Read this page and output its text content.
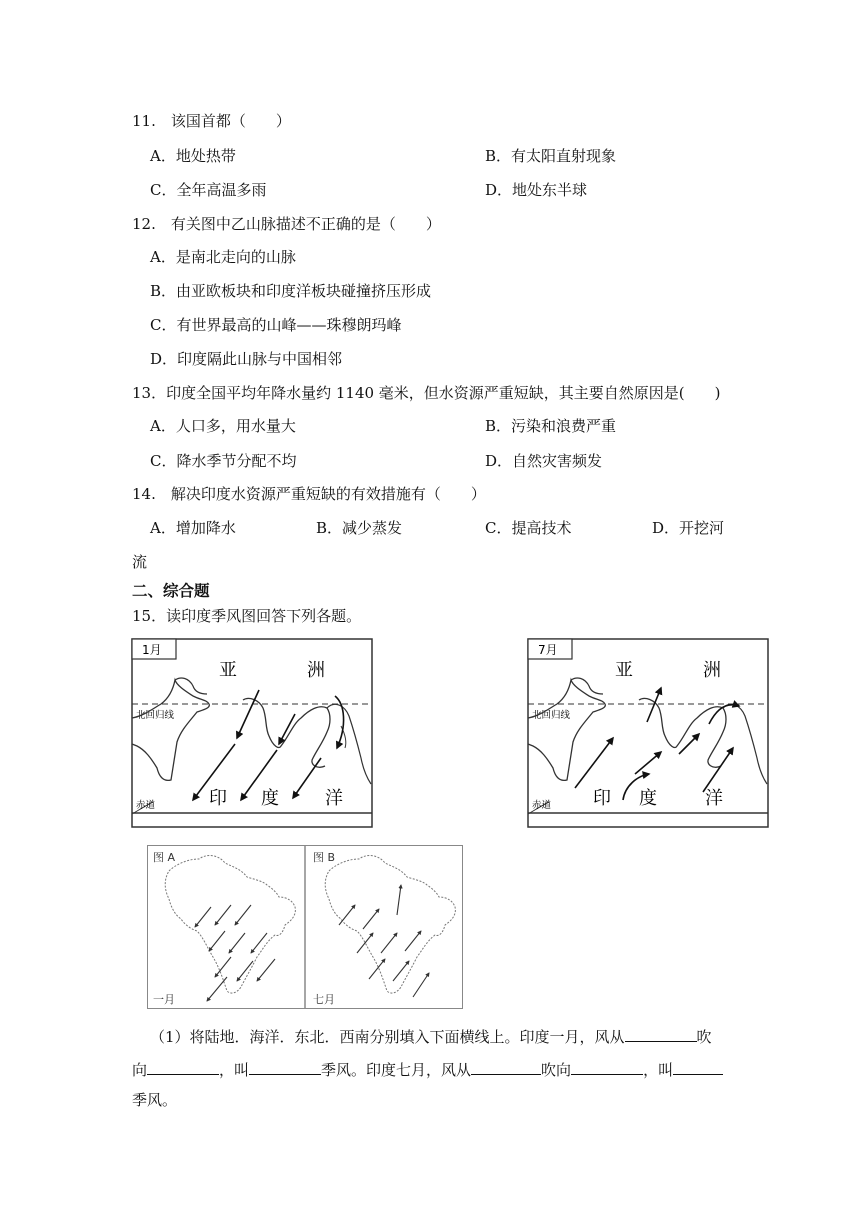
11.　该国首都（　　）
A．地处热带	B．有太阳直射现象
C．全年高温多雨	D．地处东半球
12.　有关图中乙山脉描述不正确的是（　　）
A．是南北走向的山脉
B．由亚欧板块和印度洋板块碰撞挤压形成
C．有世界最高的山峰——珠穆朗玛峰
D．印度隔此山脉与中国相邻
13．印度全国平均年降水量约 1140 毫米，但水资源严重短缺，其主要自然原因是(　　)
A．人口多，用水量大	B．污染和浪费严重
C．降水季节分配不均	D．自然灾害频发
14.　解决印度水资源严重短缺的有效措施有（　　）
A．增加降水	B．减少蒸发	C．提高技术	D．开挖河
流
二、综合题
15．读印度季风图回答下列各题。
1月
亚	洲
北回归线
赤道	印 度	洋
7月
亚	洲
北回归线
赤道 印 度	洋
图 A
一月
图 B
七月
（1）将陆地．海洋．东北．西南分别填入下面横线上。印度一月，风从	吹
向	，叫	季风。印度七月，风从	吹向	，叫
季风。
